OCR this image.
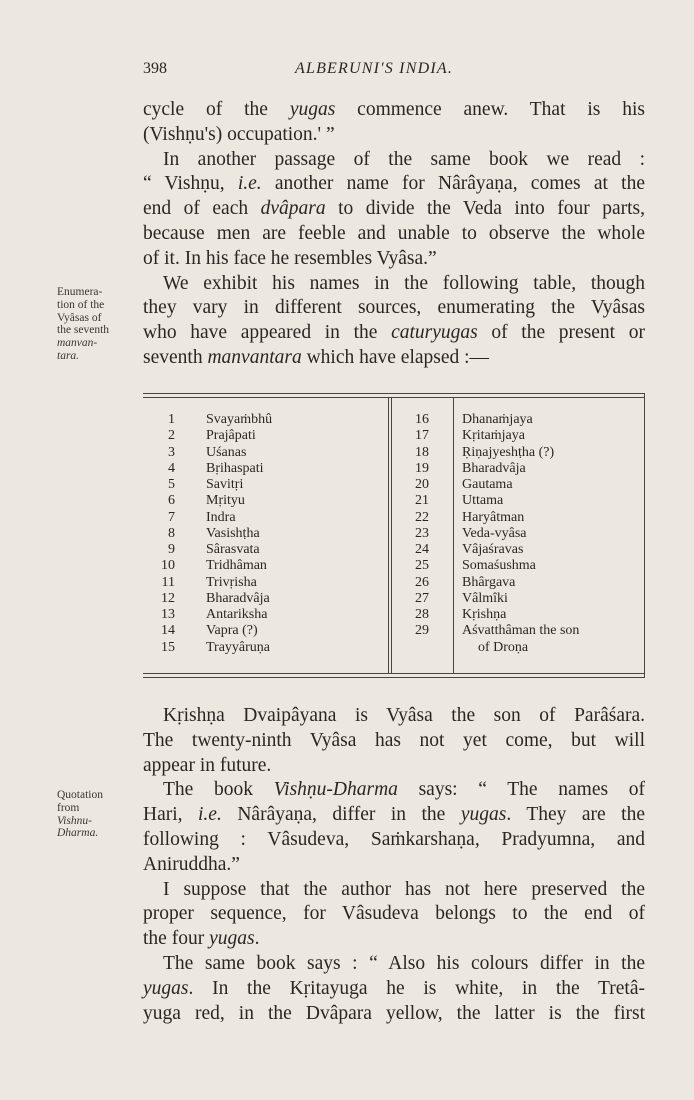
398	ALBERUNI'S INDIA.
Enumera-
tion of the
Vyâsas of
the seventh
manvan-
tara.
Quotation
from
Vishnu-
Dharma.
cycle of the yugas commence anew. That is his
(Vishṇu's) occupation.' ”
In another passage of the same book we read :
“ Vishṇu, i.e. another name for Nârâyaṇa, comes at the
end of each dvâpara to divide the Veda into four parts,
because men are feeble and unable to observe the whole
of it. In his face he resembles Vyâsa.”
We exhibit his names in the following table, though
they vary in different sources, enumerating the Vyâsas
who have appeared in the caturyugas of the present or
seventh manvantara which have elapsed :—
1 Svayaṁbhû
2 Prajâpati
3 Uśanas
4 Bṛihaspati
5 Savitṛi
6 Mṛityu
7 Indra
8 Vasishṭha
9 Sârasvata
10 Tridhâman
11 Trivṛisha
12 Bharadvâja
13 Antariksha
14 Vapra (?)
15 Trayyâruṇa
16 Dhanaṁjaya
17 Kṛitaṁjaya
18 Ṛiṇajyeshṭha (?)
19 Bharadvâja
20 Gautama
21 Uttama
22 Haryâtman
23 Veda-vyâsa
24 Vâjaśravas
25 Somaśushma
26 Bhârgava
27 Vâlmîki
28 Kṛishṇa
29 Aśvatthâman the son
of Droṇa
Kṛishṇa Dvaipâyana is Vyâsa the son of Parâśara.
The twenty-ninth Vyâsa has not yet come, but will
appear in future.
The book Vishṇu-Dharma says: “ The names of
Hari, i.e. Nârâyaṇa, differ in the yugas. They are the
following : Vâsudeva, Saṁkarshaṇa, Pradyumna, and
Aniruddha.”
I suppose that the author has not here preserved the
proper sequence, for Vâsudeva belongs to the end of
the four yugas.
The same book says : “ Also his colours differ in the
yugas. In the Kṛitayuga he is white, in the Tretâ-
yuga red, in the Dvâpara yellow, the latter is the first
